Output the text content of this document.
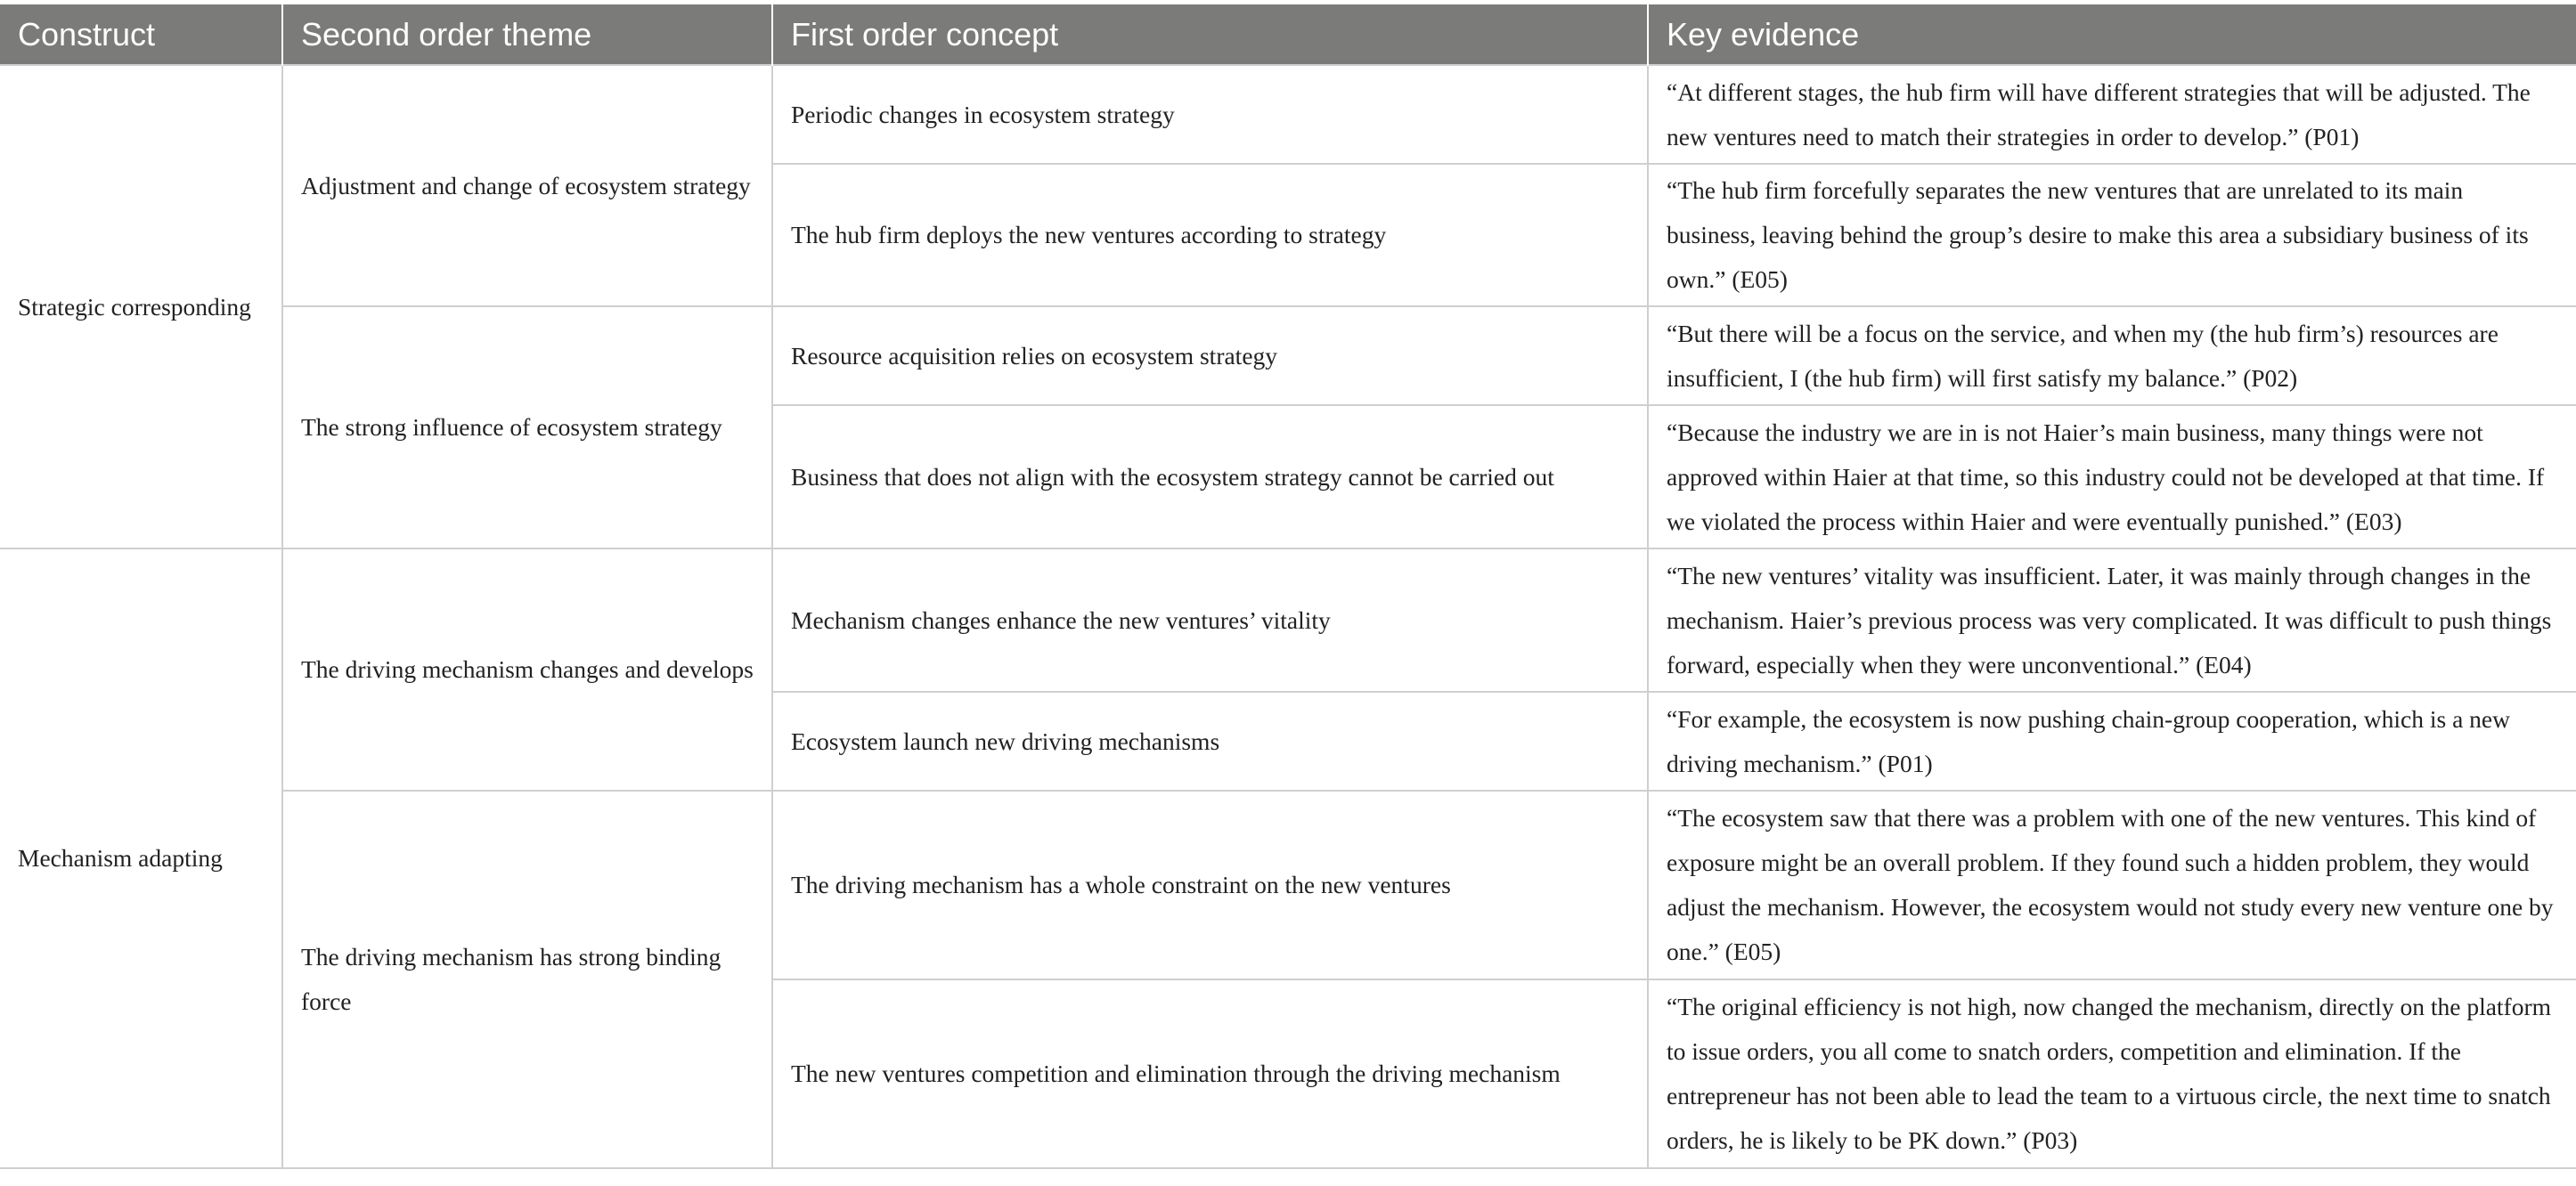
Construct	Second order theme	First order concept	Key evidence
Strategic corresponding	Adjustment and change of ecosystem strategy	Periodic changes in ecosystem strategy	“At different stages, the hub firm will have different strategies that will be adjusted. The new ventures need to match their strategies in order to develop.” (P01)
		The hub firm deploys the new ventures according to strategy	“The hub firm forcefully separates the new ventures that are unrelated to its main business, leaving behind the group’s desire to make this area a subsidiary business of its own.” (E05)
	The strong influence of ecosystem strategy	Resource acquisition relies on ecosystem strategy	“But there will be a focus on the service, and when my (the hub firm’s) resources are insufficient, I (the hub firm) will first satisfy my balance.” (P02)
		Business that does not align with the ecosystem strategy cannot be carried out	“Because the industry we are in is not Haier’s main business, many things were not approved within Haier at that time, so this industry could not be developed at that time. If we violated the process within Haier and were eventually punished.” (E03)
Mechanism adapting	The driving mechanism changes and develops	Mechanism changes enhance the new ventures’ vitality	“The new ventures’ vitality was insufficient. Later, it was mainly through changes in the mechanism. Haier’s previous process was very complicated. It was difficult to push things forward, especially when they were unconventional.” (E04)
		Ecosystem launch new driving mechanisms	“For example, the ecosystem is now pushing chain-group cooperation, which is a new driving mechanism.” (P01)
	The driving mechanism has strong binding force	The driving mechanism has a whole constraint on the new ventures	“The ecosystem saw that there was a problem with one of the new ventures. This kind of exposure might be an overall problem. If they found such a hidden problem, they would adjust the mechanism. However, the ecosystem would not study every new venture one by one.” (E05)
		The new ventures competition and elimination through the driving mechanism	“The original efficiency is not high, now changed the mechanism, directly on the platform to issue orders, you all come to snatch orders, competition and elimination. If the entrepreneur has not been able to lead the team to a virtuous circle, the next time to snatch orders, he is likely to be PK down.” (P03)
